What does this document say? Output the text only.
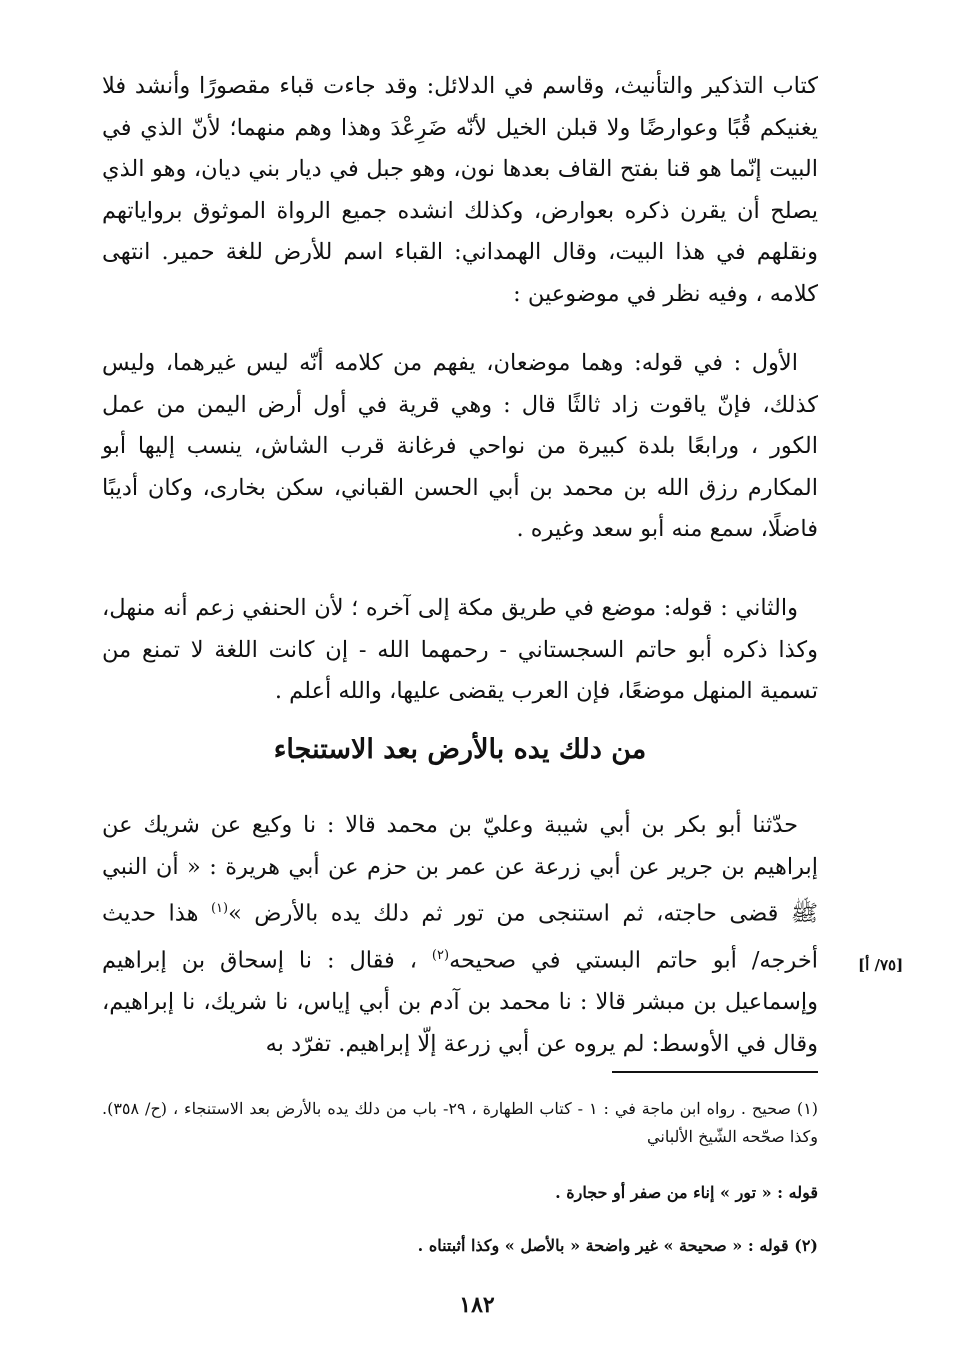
كتاب التذكير والتأنيث، وقاسم في الدلائل: وقد جاءت قباء مقصورًا وأنشد فلا يغنيكم قُبًا وعوارضًا ولا قبلن الخيل لأنّه ضَرِعْدَ وهذا وهم منهما؛ لأنّ الذي في البيت إنّما هو قنا بفتح القاف بعدها نون، وهو جبل في ديار بني ديان، وهو الذي يصلح أن يقرن ذكره بعوارض، وكذلك انشده جميع الرواة الموثوق برواياتهم ونقلهم في هذا البيت، وقال الهمداني: القباء اسم للأرض للغة حمير. انتهى كلامه ، وفيه نظر في موضوعين :

الأول : في قوله: وهما موضعان، يفهم من كلامه أنّه ليس غيرهما، وليس كذلك، فإنّ ياقوت زاد ثالثًا قال : وهي قرية في أول أرض اليمن من عمل الكور ، ورابعًا بلدة كبيرة من نواحي فرغانة قرب الشاش، ينسب إليها أبو المكارم رزق الله بن محمد بن أبي الحسن القباني، سكن بخارى، وكان أديبًا فاضلًا، سمع منه أبو سعد وغيره .

والثاني : قوله: موضع في طريق مكة إلى آخره ؛ لأن الحنفي زعم أنه منهل، وكذا ذكره أبو حاتم السجستاني - رحمهما الله - إن كانت اللغة لا تمنع من تسمية المنهل موضعًا، فإن العرب يقضى عليها، والله أعلم .

من دلك يده بالأرض بعد الاستنجاء

حدّثنا أبو بكر بن أبي شيبة وعليّ بن محمد قالا : نا وكيع عن شريك عن إبراهيم بن جرير عن أبي زرعة عن عمر بن حزم عن أبي هريرة : « أن النبي ﷺ قضى حاجته، ثم استنجى من تور ثم دلك يده بالأرض »$^{(١)}$ هذا حديث أخرجه/ أبو حاتم البستي في صحيحه$^{(٢)}$ ، فقال : نا إسحاق بن إبراهيم وإسماعيل بن مبشر قالا : نا محمد بن آدم بن أبي إياس، نا شريك، نا إبراهيم، وقال في الأوسط: لم يروه عن أبي زرعة إلّا إبراهيم. تفرّد به

[٧٥/ أ]
(١) صحيح . رواه ابن ماجة في : ١ - كتاب الطهارة ، ٢٩- باب من دلك يده بالأرض بعد الاستنجاء ، (ح/ ٣٥٨). وكذا صحّحه الشّيخ الألباني
قوله : « تور » إناء من صفر أو حجارة .
(٢) قوله : « صحيحة » غير واضحة « بالأصل » وكذا أثبتناه .
١٨٢
